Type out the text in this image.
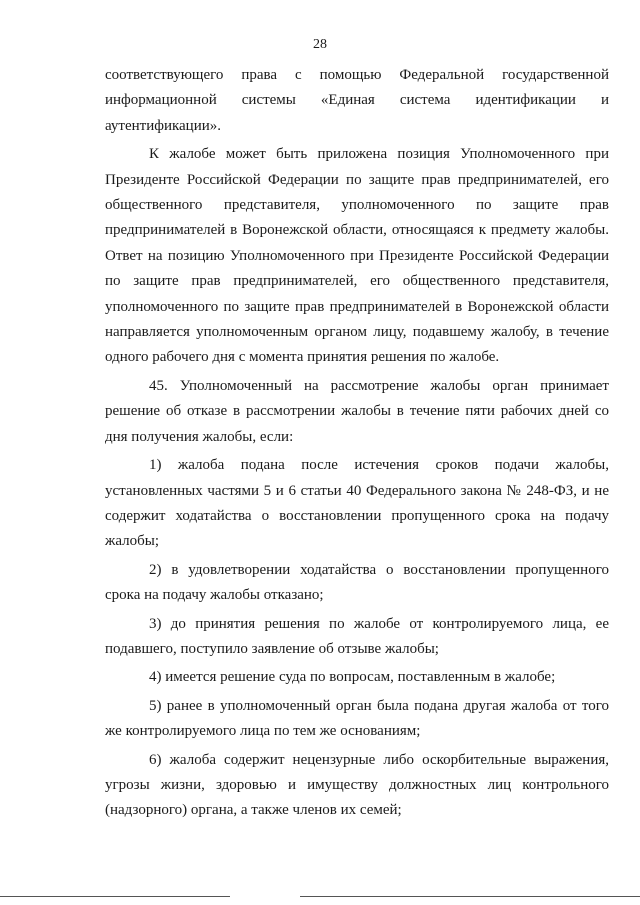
28

соответствующего права с помощью Федеральной государственной информационной системы «Единая система идентификации и аутентификации».

К жалобе может быть приложена позиция Уполномоченного при Президенте Российской Федерации по защите прав предпринимателей, его общественного представителя, уполномоченного по защите прав предпринимателей в Воронежской области, относящаяся к предмету жалобы. Ответ на позицию Уполномоченного при Президенте Российской Федерации по защите прав предпринимателей, его общественного представителя, уполномоченного по защите прав предпринимателей в Воронежской области направляется уполномоченным органом лицу, подавшему жалобу, в течение одного рабочего дня с момента принятия решения по жалобе.

45. Уполномоченный на рассмотрение жалобы орган принимает решение об отказе в рассмотрении жалобы в течение пяти рабочих дней со дня получения жалобы, если:

1) жалоба подана после истечения сроков подачи жалобы, установленных частями 5 и 6 статьи 40 Федерального закона № 248-ФЗ, и не содержит ходатайства о восстановлении пропущенного срока на подачу жалобы;

2) в удовлетворении ходатайства о восстановлении пропущенного срока на подачу жалобы отказано;

3) до принятия решения по жалобе от контролируемого лица, ее подавшего, поступило заявление об отзыве жалобы;

4) имеется решение суда по вопросам, поставленным в жалобе;

5) ранее в уполномоченный орган была подана другая жалоба от того же контролируемого лица по тем же основаниям;

6) жалоба содержит нецензурные либо оскорбительные выражения, угрозы жизни, здоровью и имуществу должностных лиц контрольного (надзорного) органа, а также членов их семей;
